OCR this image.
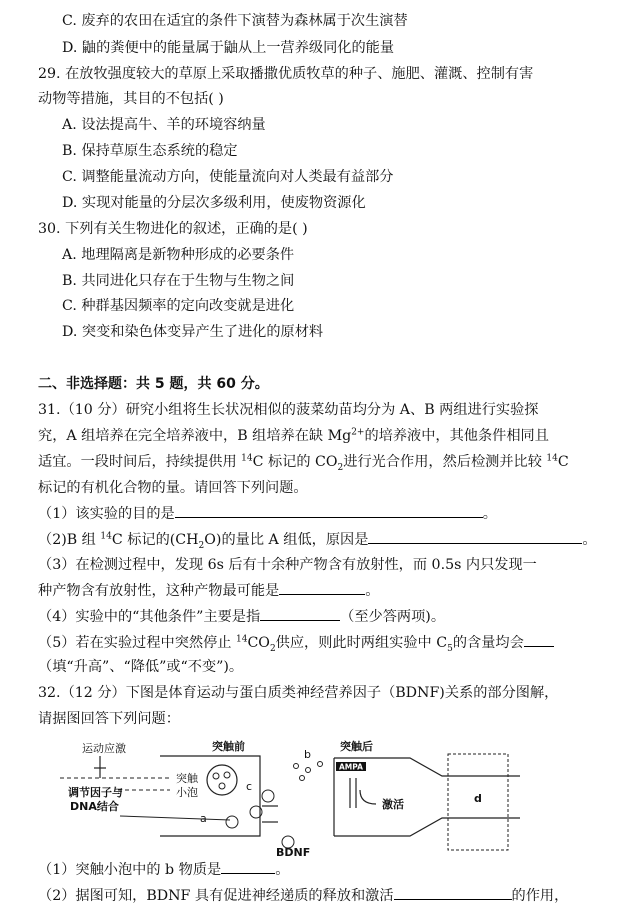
C. 废弃的农田在适宜的条件下演替为森林属于次生演替
D. 鼬的粪便中的能量属于鼬从上一营养级同化的能量
29. 在放牧强度较大的草原上采取播撒优质牧草的种子、施肥、灌溉、控制有害
动物等措施，其目的不包括( )
A. 设法提高牛、羊的环境容纳量
B. 保持草原生态系统的稳定
C. 调整能量流动方向，使能量流向对人类最有益部分
D. 实现对能量的分层次多级利用，使废物资源化
30. 下列有关生物进化的叙述，正确的是( )
A. 地理隔离是新物种形成的必要条件
B. 共同进化只存在于生物与生物之间
C. 种群基因频率的定向改变就是进化
D. 突变和染色体变异产生了进化的原材料
二、非选择题：共 5 题，共 60 分。
31.（10 分）研究小组将生长状况相似的菠菜幼苗均分为 A、B 两组进行实验探
究，A 组培养在完全培养液中，B 组培养在缺 $Mg^{2+}$的培养液中，其他条件相同且
适宜。一段时间后，持续提供用 $^{14}$C 标记的 $CO_2$进行光合作用，然后检测并比较 $^{14}$C
标记的有机化合物的量。请回答下列问题。
（1）该实验的目的是	。
（2)B 组 $^{14}$C 标记的$(CH_2O)$的量比 A 组低，原因是	。
（3）在检测过程中，发现 6s 后有十余种产物含有放射性，而 0.5s 内只发现一
种产物含有放射性，这种产物最可能是	。
（4）实验中的“其他条件”主要是指	（至少答两项)。
（5）若在实验过程中突然停止 $^{14}CO_2$供应，则此时两组实验中 $C_5$的含量均会
（填“升高”、“降低”或“不变”)。
32.（12 分）下图是体育运动与蛋白质类神经营养因子（BDNF)关系的部分图解，
请据图回答下列问题：
运动应激
调节因子与
DNA结合
突触前
突触
小泡	c
a
b
BDNF
突触后
AMPA
激活	d
（1）突触小泡中的 b 物质是	。
（2）据图可知，BDNF 具有促进神经递质的释放和激活	的作用，
